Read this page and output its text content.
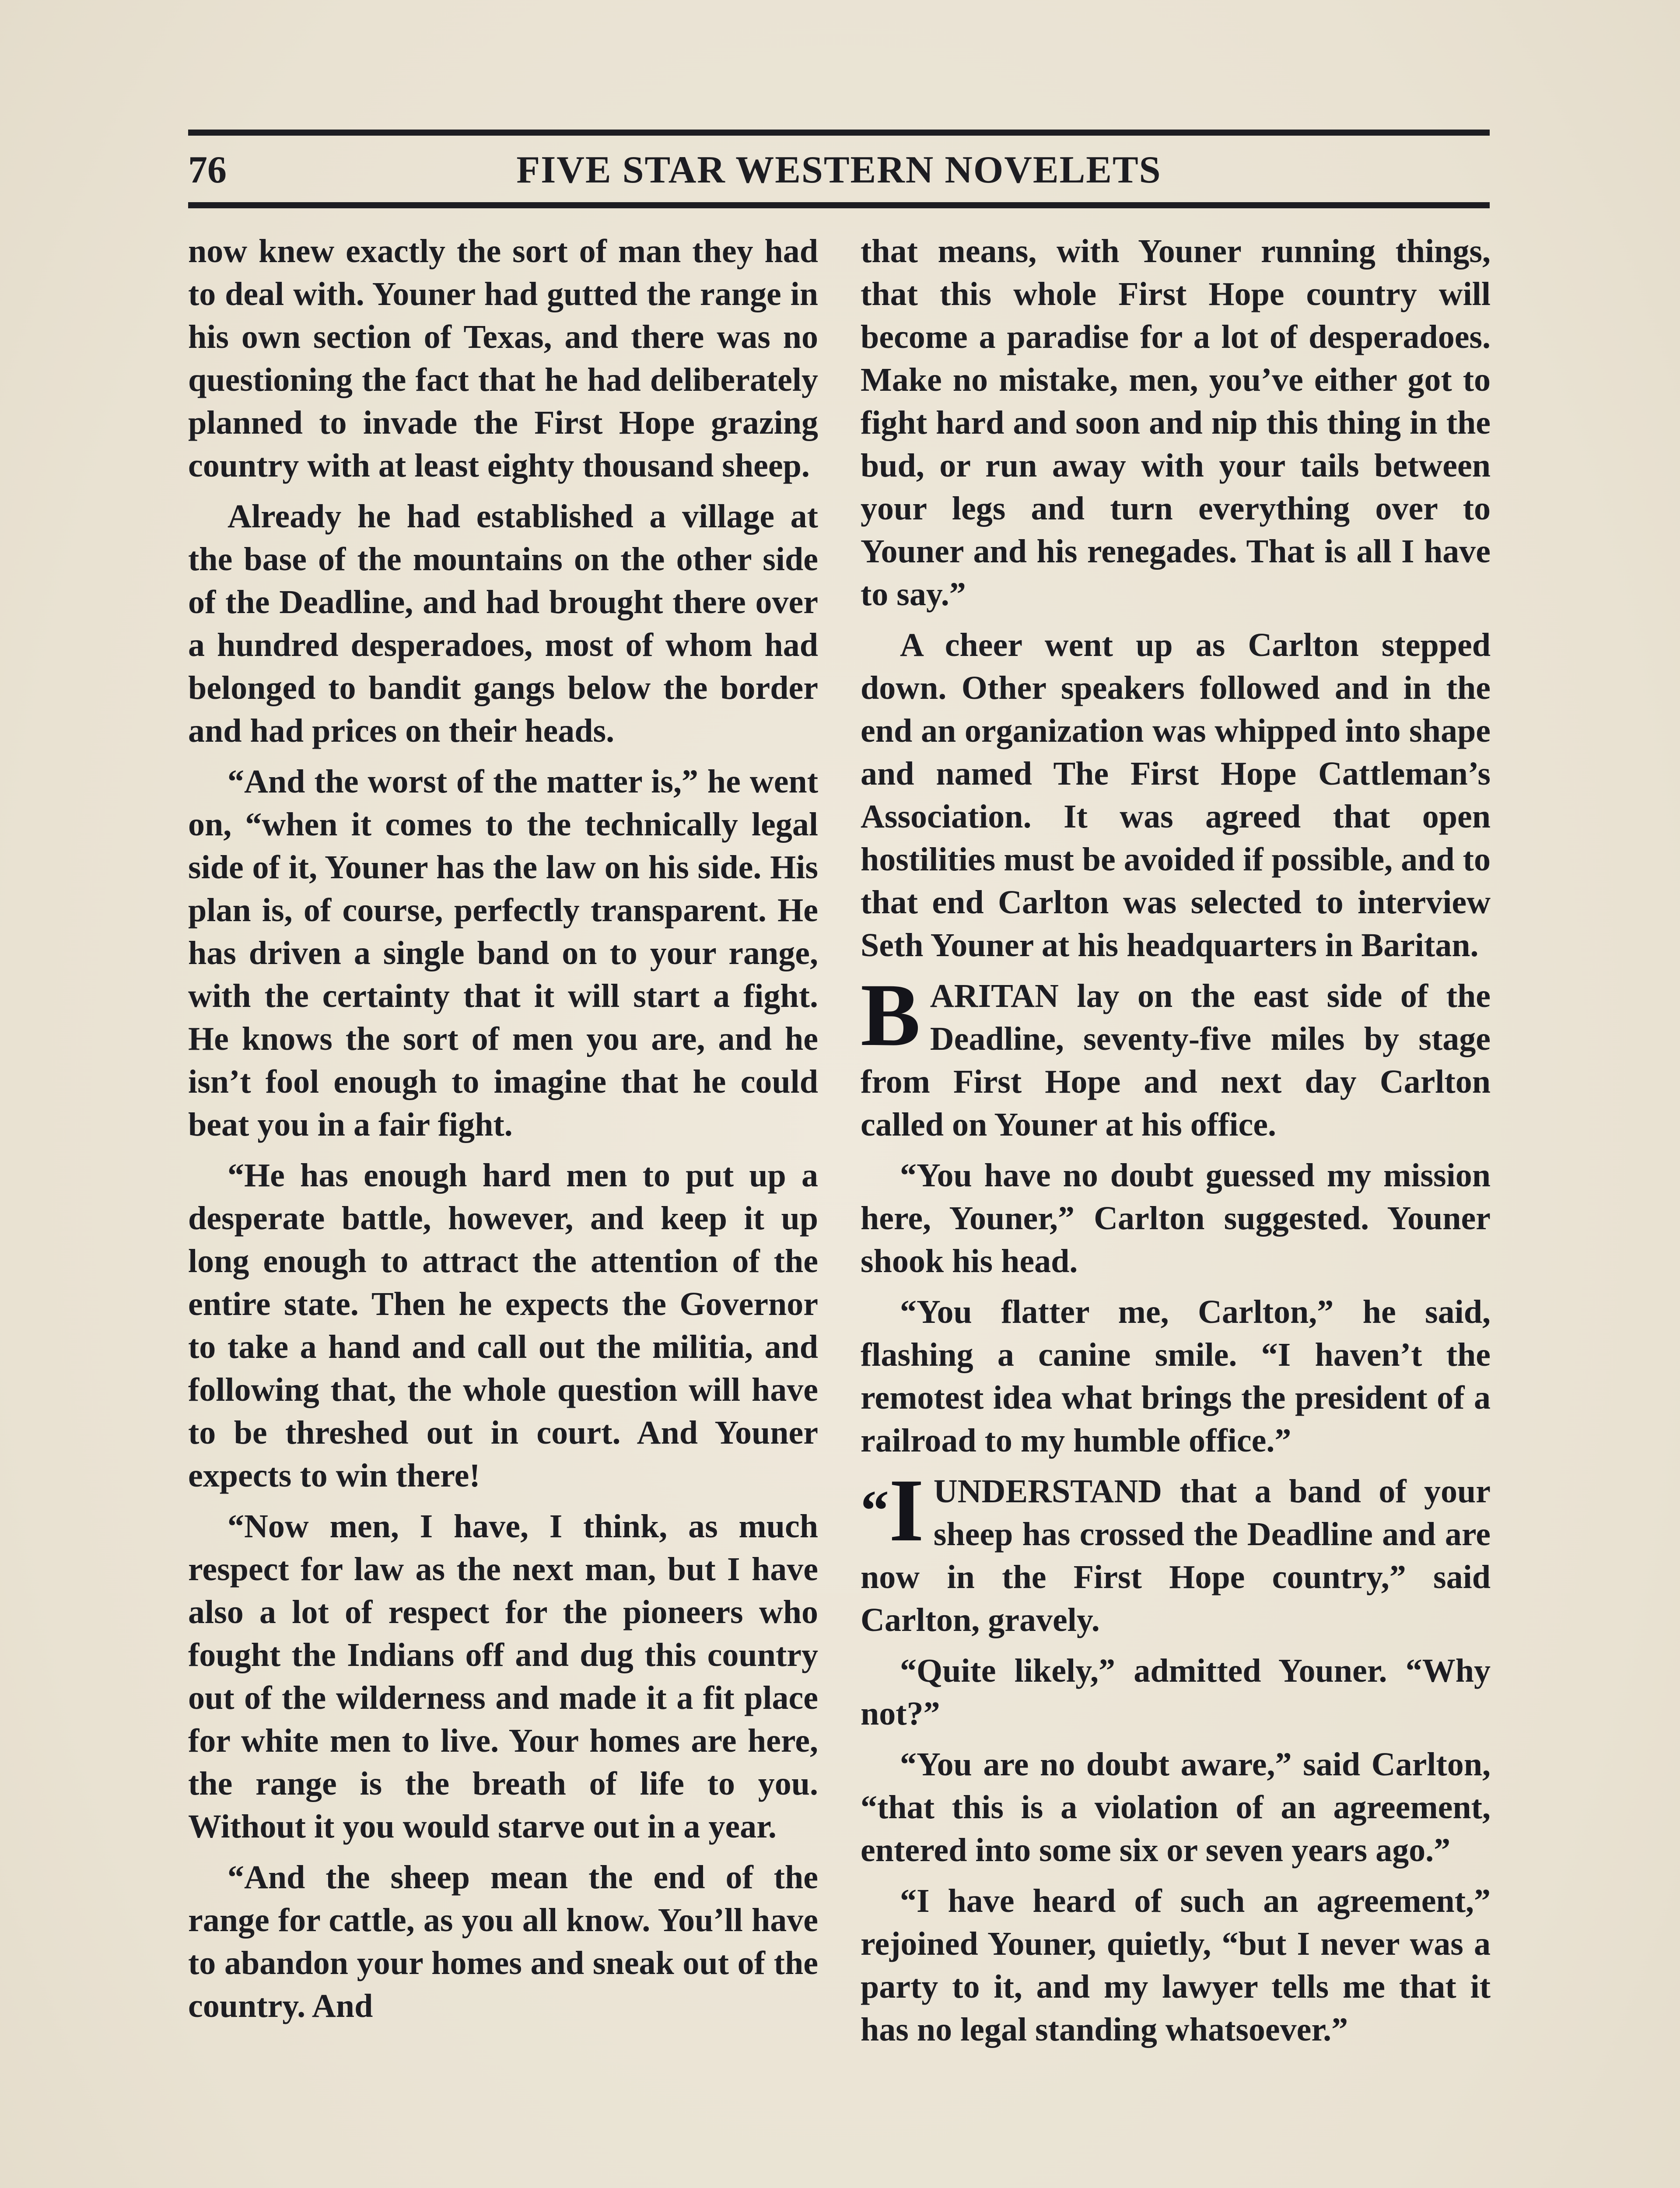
76	FIVE STAR WESTERN NOVELETS

now knew exactly the sort of man they had to deal with. Youner had gutted the range in his own section of Texas, and there was no questioning the fact that he had deliberately planned to invade the First Hope grazing country with at least eighty thousand sheep.

Already he had established a village at the base of the mountains on the other side of the Deadline, and had brought there over a hundred desperadoes, most of whom had belonged to bandit gangs below the border and had prices on their heads.

“And the worst of the matter is,” he went on, “when it comes to the technically legal side of it, Youner has the law on his side. His plan is, of course, perfectly transparent. He has driven a single band on to your range, with the certainty that it will start a fight. He knows the sort of men you are, and he isn’t fool enough to imagine that he could beat you in a fair fight.

“He has enough hard men to put up a desperate battle, however, and keep it up long enough to attract the attention of the entire state. Then he expects the Governor to take a hand and call out the militia, and following that, the whole question will have to be threshed out in court. And Youner expects to win there!

“Now men, I have, I think, as much respect for law as the next man, but I have also a lot of respect for the pioneers who fought the Indians off and dug this country out of the wilderness and made it a fit place for white men to live. Your homes are here, the range is the breath of life to you. Without it you would starve out in a year.

“And the sheep mean the end of the range for cattle, as you all know. You’ll have to abandon your homes and sneak out of the country. And

that means, with Youner running things, that this whole First Hope country will become a paradise for a lot of desperadoes. Make no mistake, men, you’ve either got to fight hard and soon and nip this thing in the bud, or run away with your tails between your legs and turn everything over to Youner and his renegades. That is all I have to say.”

A cheer went up as Carlton stepped down. Other speakers followed and in the end an organization was whipped into shape and named The First Hope Cattleman’s Association. It was agreed that open hostilities must be avoided if possible, and to that end Carlton was selected to interview Seth Youner at his headquarters in Baritan.

BARITAN lay on the east side of the Deadline, seventy-five miles by stage from First Hope and next day Carlton called on Youner at his office.

“You have no doubt guessed my mission here, Youner,” Carlton suggested. Youner shook his head.

“You flatter me, Carlton,” he said, flashing a canine smile. “I haven’t the remotest idea what brings the president of a railroad to my humble office.”

“I UNDERSTAND that a band of your sheep has crossed the Deadline and are now in the First Hope country,” said Carlton, gravely.

“Quite likely,” admitted Youner. “Why not?”

“You are no doubt aware,” said Carlton, “that this is a violation of an agreement, entered into some six or seven years ago.”

“I have heard of such an agreement,” rejoined Youner, quietly, “but I never was a party to it, and my lawyer tells me that it has no legal standing whatsoever.”
